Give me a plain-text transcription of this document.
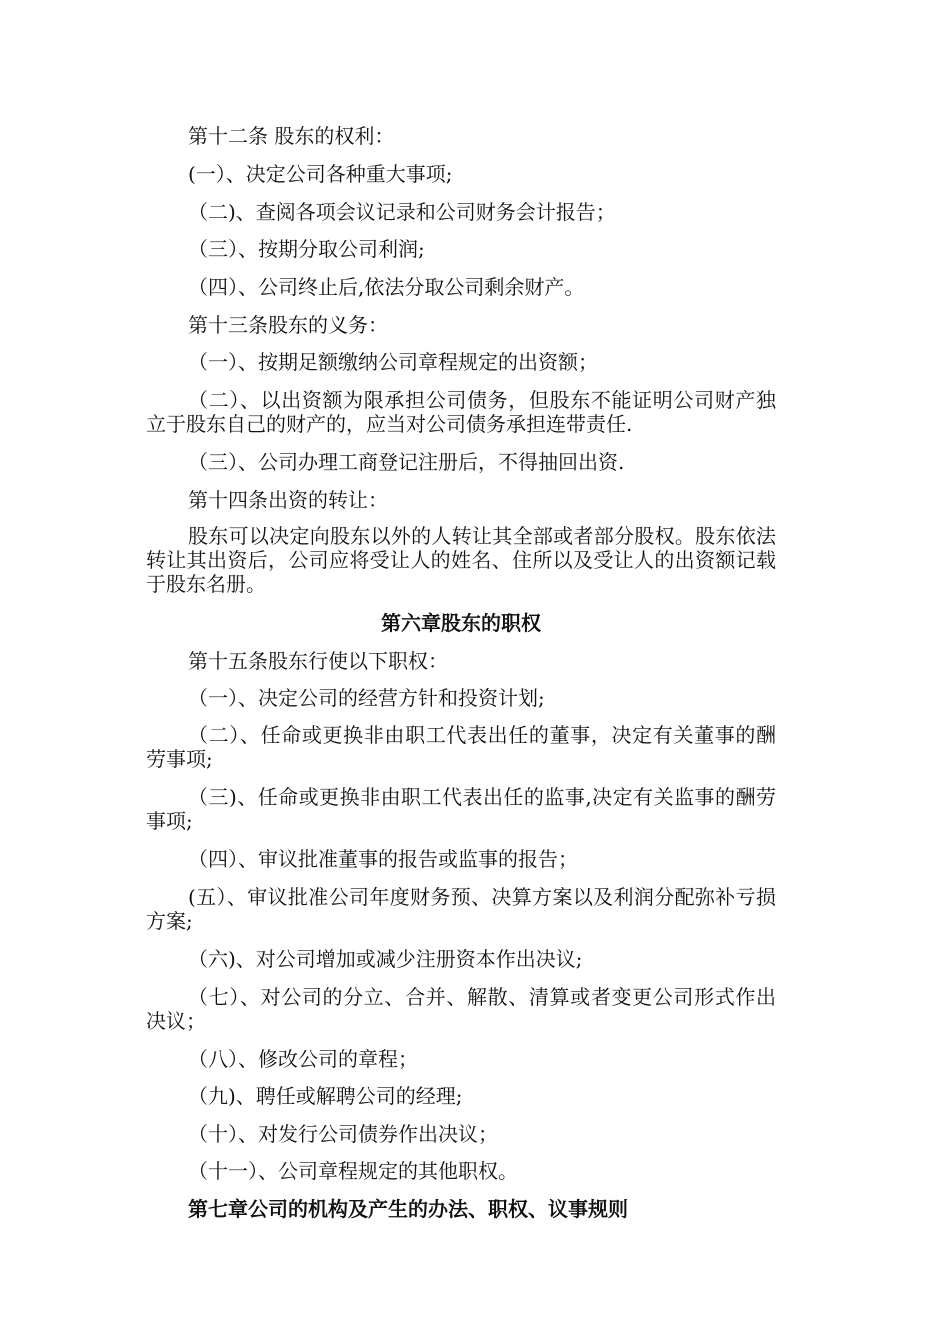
第十二条 股东的权利：

(一）、决定公司各种重大事项;

（二)、查阅各项会议记录和公司财务会计报告；

（三）、按期分取公司利润;

（四）、公司终止后,依法分取公司剩余财产。

第十三条股东的义务：

（一）、按期足额缴纳公司章程规定的出资额；

（二）、以出资额为限承担公司债务，但股东不能证明公司财产独立于股东自己的财产的，应当对公司债务承担连带责任.

（三）、公司办理工商登记注册后，不得抽回出资.

第十四条出资的转让：

股东可以决定向股东以外的人转让其全部或者部分股权。股东依法转让其出资后，公司应将受让人的姓名、住所以及受让人的出资额记载于股东名册。

第六章股东的职权

第十五条股东行使以下职权：

（一）、决定公司的经营方针和投资计划;

（二）、任命或更换非由职工代表出任的董事，决定有关董事的酬劳事项;

（三)、任命或更换非由职工代表出任的监事,决定有关监事的酬劳事项;

（四）、审议批准董事的报告或监事的报告；

(五）、审议批准公司年度财务预、决算方案以及利润分配弥补亏损方案;

（六)、对公司增加或减少注册资本作出决议;

（七）、对公司的分立、合并、解散、清算或者变更公司形式作出决议；

（八）、修改公司的章程；

（九)、聘任或解聘公司的经理;

（十）、对发行公司债券作出决议；

（十一）、公司章程规定的其他职权。

第七章公司的机构及产生的办法、职权、议事规则
